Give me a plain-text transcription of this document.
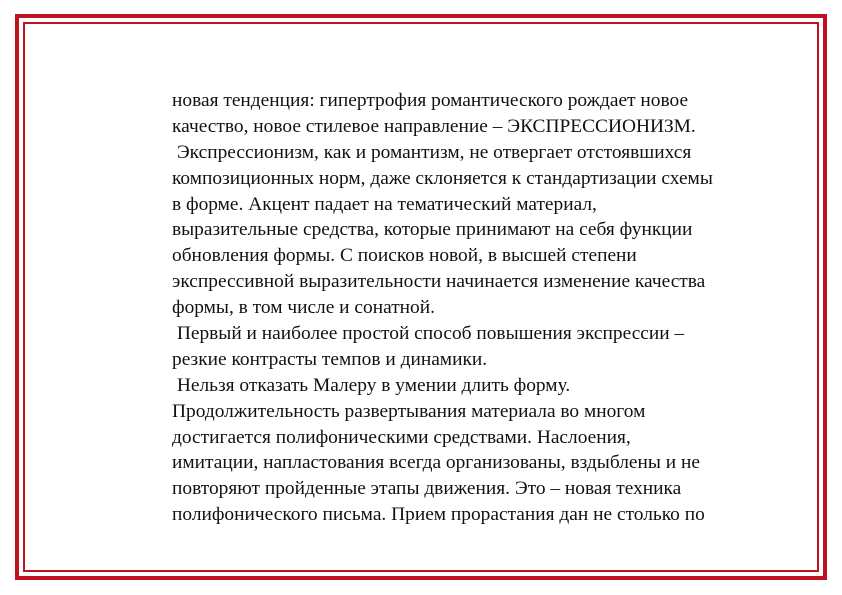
новая тенденция: гипертрофия романтического рождает новое
качество, новое стилевое направление – ЭКСПРЕССИОНИЗМ.
Экспрессионизм, как и романтизм, не отвергает отстоявшихся
композиционных норм, даже склоняется к стандартизации схемы
в форме. Акцент падает на тематический материал,
выразительные средства, которые принимают на себя функции
обновления формы. С поисков новой, в высшей степени
экспрессивной выразительности начинается изменение качества
формы, в том числе и сонатной.
Первый и наиболее простой способ повышения экспрессии –
резкие контрасты темпов и динамики.
Нельзя отказать Малеру в умении длить форму.
Продолжительность развертывания материала во многом
достигается полифоническими средствами. Наслоения,
имитации, напластования всегда организованы, вздыблены и не
повторяют пройденные этапы движения. Это – новая техника
полифонического письма. Прием прорастания дан не столько по
